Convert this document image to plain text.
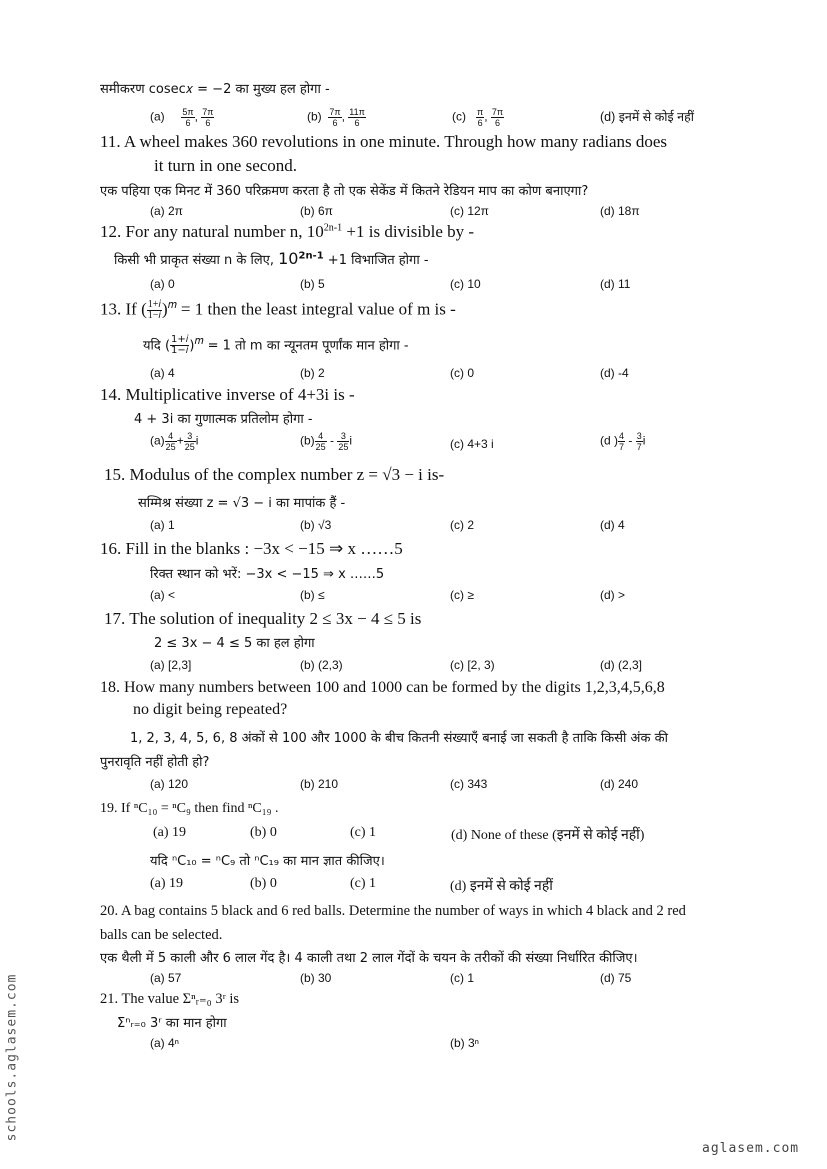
समीकरण cosec𝑥 = −2 का मुख्य हल होगा -
$(a) \frac{5\pi}{6}$ , $\frac{7\pi}{6}$	$(b) \frac{7\pi}{6}$ , $\frac{11\pi}{6}$	$(c) \frac{\pi}{6}$ , $\frac{7\pi}{6}$	(d) इनमें से कोई नहीं
11. A wheel makes 360 revolutions in one minute. Through how many radians does
it turn in one second.
एक पहिया एक मिनट में 360 परिक्रमण करता है तो एक सेकेंड में कितने रेडियन माप का कोण बनाएगा?
(a) 2π	(b) 6π	(c) 12π	(d) 18π
12. For any natural number n, $10^{2n-1} +1$ is divisible by -
किसी भी प्राकृत संख्या n के लिए, $10^{2n-1} +1$ विभाजित होगा -
(a) 0	(b) 5	(c) 10	(d) 11
13. If ( $\frac{\text{1+𝑖}}{\text{1−𝑖}} )^𝑚 = 1$ then the least integral value of m is -
यदि ( $\frac{\text{1+𝑖}}{\text{1−𝑖}} )^𝑚 = 1$ तो m का न्यूनतम पूर्णांक मान होगा -
(a) 4	(b) 2	(c) 0	(d) -4
14. Multiplicative inverse of 4+3i is -
4 + 3i का गुणात्मक प्रतिलोम होगा -
$(a) \frac{4}{25} + \frac{3}{25}$ i	$(b) \frac{4}{25} - \frac{3}{25}$ i	(c) 4+3 i	(d ) $\frac{4}{7} - \frac{3}{7}$ i
15. Modulus of the complex number z = √3 − i is-
सम्मिश्र संख्या z = √3 − i का मापांक हैं -
(a) 1	(b) √3	(c) 2	(d) 4
16. Fill in the blanks : −3x < −15 ⇒ x ……5
रिक्त स्थान को भरें: −3x < −15 ⇒ x ……5
(a) <	(b) ≤	(c) ≥	(d) >
17. The solution of inequality 2 ≤ 3x − 4 ≤ 5 is
2 ≤ 3x − 4 ≤ 5 का हल होगा
(a) [2,3]	(b) (2,3)	(c) [2, 3)	(d) (2,3]
18. How many numbers between 100 and 1000 can be formed by the digits 1,2,3,4,5,6,8
no digit being repeated?
1, 2, 3, 4, 5, 6, 8 अंकों से 100 और 1000 के बीच कितनी संख्याएँ बनाई जा सकती है ताकि किसी अंक की
पुनरावृति नहीं होती हो?
(a) 120	(b) 210	(c) 343	(d) 240
19. If ⁿC₁₀ = ⁿC₉ then find ⁿC₁₉ .
(a) 19	(b) 0	(c) 1	(d) None of these (इनमें से कोई नहीं)
यदि ⁿC₁₀ = ⁿC₉ तो ⁿC₁₉ का मान ज्ञात कीजिए।
(a) 19	(b) 0	(c) 1	(d) इनमें से कोई नहीं
20. A bag contains 5 black and 6 red balls. Determine the number of ways in which 4 black and 2 red
balls can be selected.
एक थैली में 5 काली और 6 लाल गेंद है। 4 काली तथा 2 लाल गेंदों के चयन के तरीकों की संख्या निर्धारित कीजिए।
(a) 57	(b) 30	(c) 1	(d) 75
21. The value Σⁿᵣ₌₀ 3ʳ is
Σⁿᵣ₌₀ 3ʳ का मान होगा
(a) 4ⁿ	(b) 3ⁿ
schools.aglasem.com
aglasem.com
